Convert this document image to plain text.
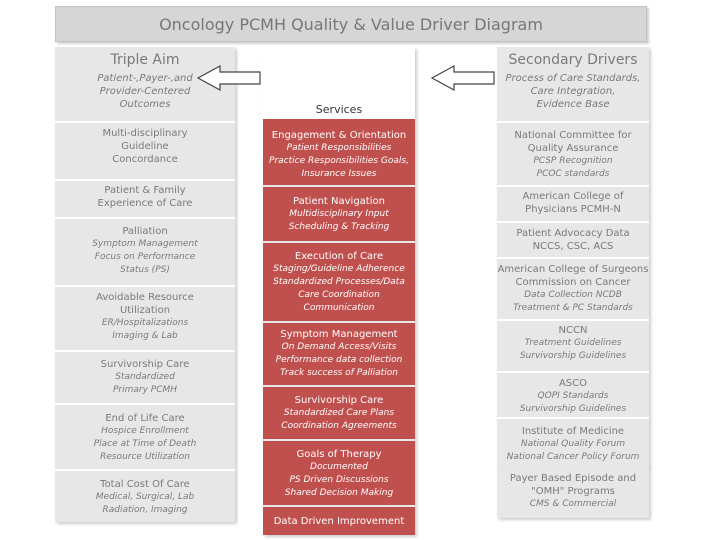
Oncology PCMH Quality & Value Driver Diagram
Triple Aim
Patient-,Payer-,and
Provider-Centered
Outcomes
Multi-disciplinary
Guideline
Concordance
Patient & Family
Experience of Care
Palliation
Symptom Management
Focus on Performance
Status (PS)
Avoidable Resource
Utilization
ER/Hospitalizations
Imaging & Lab
Survivorship Care
Standardized
Primary PCMH
End of Life Care
Hospice Enrollment
Place at Time of Death
Resource Utilization
Total Cost Of Care
Medical, Surgical, Lab
Radiation, Imaging
Primary Driver
Care Team Environment
Delivery Standards
Services
Engagement & Orientation
Patient Responsibilities
Practice Responsibilities Goals,
Insurance Issues
Patient Navigation
Multidisciplinary Input
Scheduling & Tracking
Execution of Care
Staging/Guideline Adherence
Standardized Processes/Data
Care Coordination
Communication
Symptom Management
On Demand Access/Visits
Performance data collection
Track success of Palliation
Survivorship Care
Standardized Care Plans
Coordination Agreements
Goals of Therapy
Documented
PS Driven Discussions
Shared Decision Making
Data Driven Improvement
Secondary Drivers
Process of Care Standards,
Care Integration,
Evidence Base
National Committee for
Quality Assurance
PCSP Recognition
PCOC standards
American College of
Physicians PCMH-N
Patient Advocacy Data
NCCS, CSC, ACS
American College of Surgeons
Commission on Cancer
Data Collection NCDB
Treatment & PC Standards
NCCN
Treatment Guidelines
Survivorship Guidelines
ASCO
QOPI Standards
Survivorship Guidelines
Institute of Medicine
National Quality Forum
National Cancer Policy Forum
Payer Based Episode and
"OMH" Programs
CMS & Commercial
